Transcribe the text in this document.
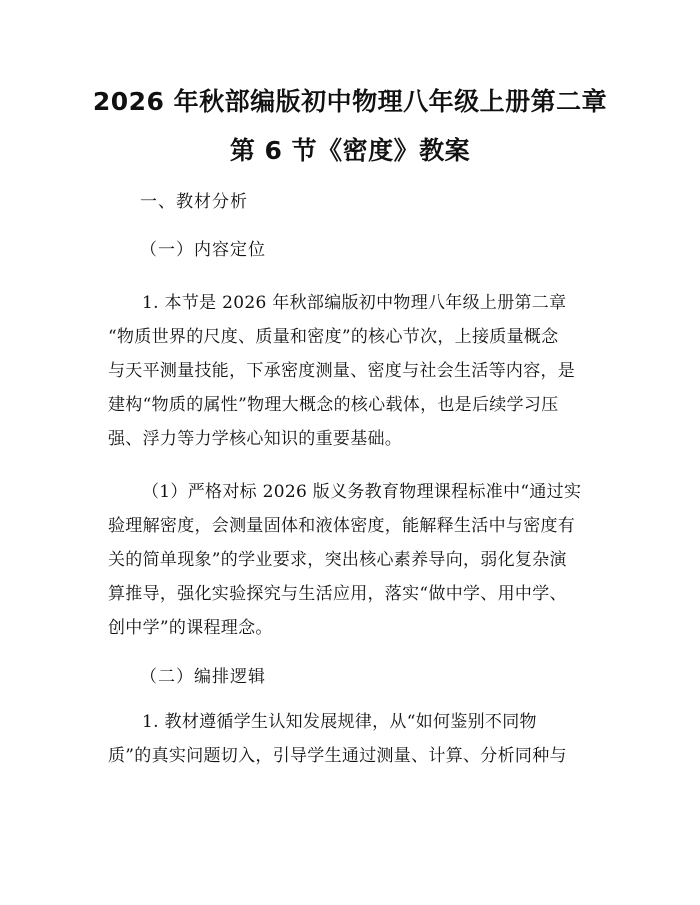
2026 年秋部编版初中物理八年级上册第二章
第 6 节《密度》教案
一、教材分析
（一）内容定位
1. 本节是 2026 年秋部编版初中物理八年级上册第二章
“物质世界的尺度、质量和密度”的核心节次，上接质量概念
与天平测量技能，下承密度测量、密度与社会生活等内容，是
建构“物质的属性”物理大概念的核心载体，也是后续学习压
强、浮力等力学核心知识的重要基础。
（1）严格对标 2026 版义务教育物理课程标准中“通过实
验理解密度，会测量固体和液体密度，能解释生活中与密度有
关的简单现象”的学业要求，突出核心素养导向，弱化复杂演
算推导，强化实验探究与生活应用，落实“做中学、用中学、
创中学”的课程理念。
（二）编排逻辑
1. 教材遵循学生认知发展规律，从“如何鉴别不同物
质”的真实问题切入，引导学生通过测量、计算、分析同种与
